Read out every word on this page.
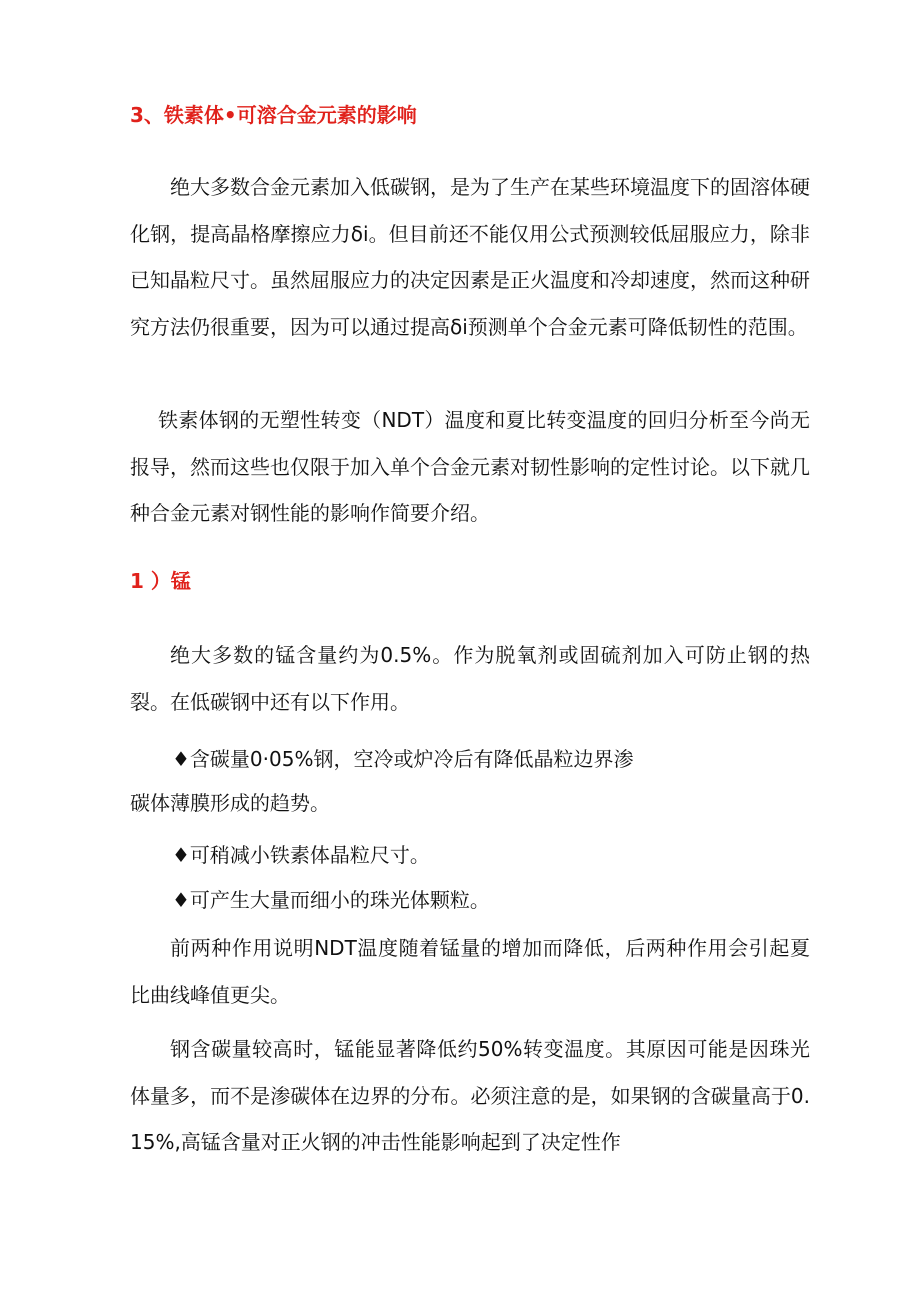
3、铁素体•可溶合金元素的影响

绝大多数合金元素加入低碳钢，是为了生产在某些环境温度下的固溶体硬化钢，提高晶格摩擦应力δi。但目前还不能仅用公式预测较低屈服应力，除非已知晶粒尺寸。虽然屈服应力的决定因素是正火温度和冷却速度，然而这种研究方法仍很重要，因为可以通过提高δi预测单个合金元素可降低韧性的范围。

铁素体钢的无塑性转变（NDT）温度和夏比转变温度的回归分析至今尚无报导，然而这些也仅限于加入单个合金元素对韧性影响的定性讨论。以下就几种合金元素对钢性能的影响作简要介绍。

1 ）锰

绝大多数的锰含量约为0.5%。作为脱氧剂或固硫剂加入可防止钢的热裂。在低碳钢中还有以下作用。

♦含碳量0·05%钢，空冷或炉冷后有降低晶粒边界渗

碳体薄膜形成的趋势。

♦可稍减小铁素体晶粒尺寸。

♦可产生大量而细小的珠光体颗粒。

前两种作用说明NDT温度随着锰量的增加而降低，后两种作用会引起夏比曲线峰值更尖。

钢含碳量较高时，锰能显著降低约50%转变温度。其原因可能是因珠光体量多，而不是渗碳体在边界的分布。必须注意的是，如果钢的含碳量高于0.15%,高锰含量对正火钢的冲击性能影响起到了决定性作
